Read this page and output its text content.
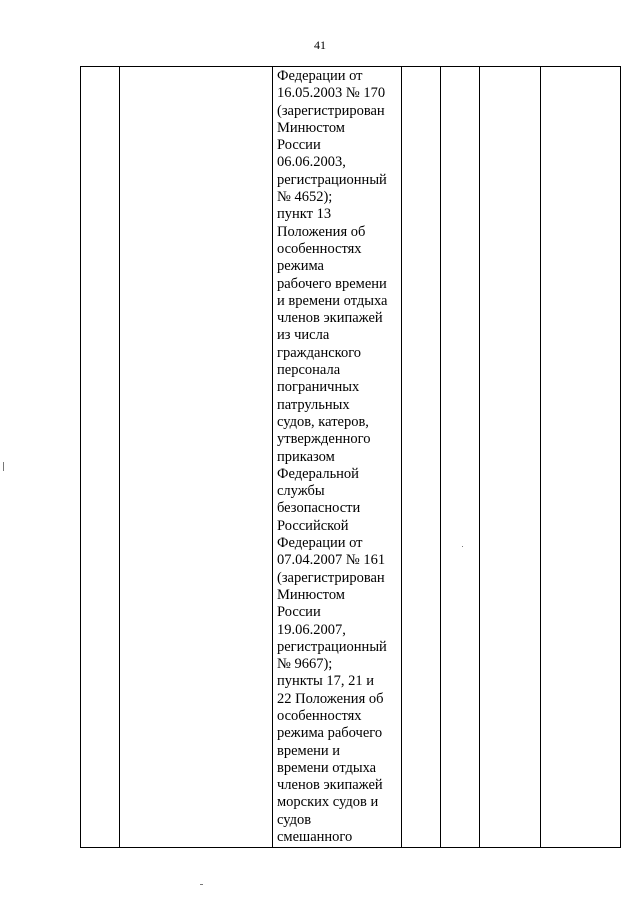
41

Федерации от
16.05.2003 № 170
(зарегистрирован
Минюстом
России
06.06.2003,
регистрационный
№ 4652);
пункт 13
Положения об
особенностях
режима
рабочего времени
и времени отдыха
членов экипажей
из числа
гражданского
персонала
пограничных
патрульных
судов, катеров,
утвержденного
приказом
Федеральной
службы
безопасности
Российской
Федерации от
07.04.2007 № 161
(зарегистрирован
Минюстом
России
19.06.2007,
регистрационный
№ 9667);
пункты 17, 21 и
22 Положения об
особенностях
режима рабочего
времени и
времени отдыха
членов экипажей
морских судов и
судов
смешанного
